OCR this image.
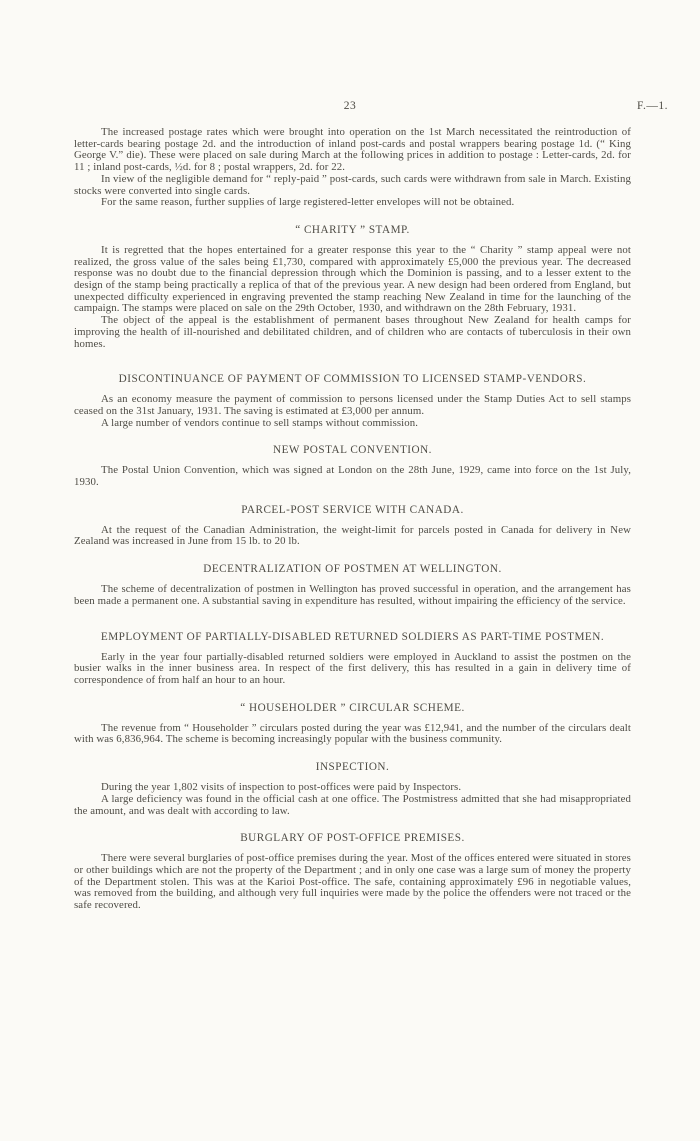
23	F.—1.

The increased postage rates which were brought into operation on the 1st March necessitated the reintroduction of letter-cards bearing postage 2d. and the introduction of inland post-cards and postal wrappers bearing postage 1d. (“ King George V.” die). These were placed on sale during March at the following prices in addition to postage : Letter-cards, 2d. for 11 ; inland post-cards, ½d. for 8 ; postal wrappers, 2d. for 22.

In view of the negligible demand for “ reply-paid ” post-cards, such cards were withdrawn from sale in March. Existing stocks were converted into single cards.

For the same reason, further supplies of large registered-letter envelopes will not be obtained.

“ CHARITY ” STAMP.

It is regretted that the hopes entertained for a greater response this year to the “ Charity ” stamp appeal were not realized, the gross value of the sales being £1,730, compared with approximately £5,000 the previous year. The decreased response was no doubt due to the financial depression through which the Dominion is passing, and to a lesser extent to the design of the stamp being practically a replica of that of the previous year. A new design had been ordered from England, but unexpected difficulty experienced in engraving prevented the stamp reaching New Zealand in time for the launching of the campaign. The stamps were placed on sale on the 29th October, 1930, and withdrawn on the 28th February, 1931.

The object of the appeal is the establishment of permanent bases throughout New Zealand for health camps for improving the health of ill-nourished and debilitated children, and of children who are contacts of tuberculosis in their own homes.

DISCONTINUANCE OF PAYMENT OF COMMISSION TO LICENSED STAMP-VENDORS.

As an economy measure the payment of commission to persons licensed under the Stamp Duties Act to sell stamps ceased on the 31st January, 1931. The saving is estimated at £3,000 per annum.

A large number of vendors continue to sell stamps without commission.

NEW POSTAL CONVENTION.

The Postal Union Convention, which was signed at London on the 28th June, 1929, came into force on the 1st July, 1930.

PARCEL-POST SERVICE WITH CANADA.

At the request of the Canadian Administration, the weight-limit for parcels posted in Canada for delivery in New Zealand was increased in June from 15 lb. to 20 lb.

DECENTRALIZATION OF POSTMEN AT WELLINGTON.

The scheme of decentralization of postmen in Wellington has proved successful in operation, and the arrangement has been made a permanent one. A substantial saving in expenditure has resulted, without impairing the efficiency of the service.

EMPLOYMENT OF PARTIALLY-DISABLED RETURNED SOLDIERS AS PART-TIME POSTMEN.

Early in the year four partially-disabled returned soldiers were employed in Auckland to assist the postmen on the busier walks in the inner business area. In respect of the first delivery, this has resulted in a gain in delivery time of correspondence of from half an hour to an hour.

“ HOUSEHOLDER ” CIRCULAR SCHEME.

The revenue from “ Householder ” circulars posted during the year was £12,941, and the number of the circulars dealt with was 6,836,964. The scheme is becoming increasingly popular with the business community.

INSPECTION.

During the year 1,802 visits of inspection to post-offices were paid by Inspectors.

A large deficiency was found in the official cash at one office. The Postmistress admitted that she had misappropriated the amount, and was dealt with according to law.

BURGLARY OF POST-OFFICE PREMISES.

There were several burglaries of post-office premises during the year. Most of the offices entered were situated in stores or other buildings which are not the property of the Department ; and in only one case was a large sum of money the property of the Department stolen. This was at the Karioi Post-office. The safe, containing approximately £96 in negotiable values, was removed from the building, and although very full inquiries were made by the police the offenders were not traced or the safe recovered.
